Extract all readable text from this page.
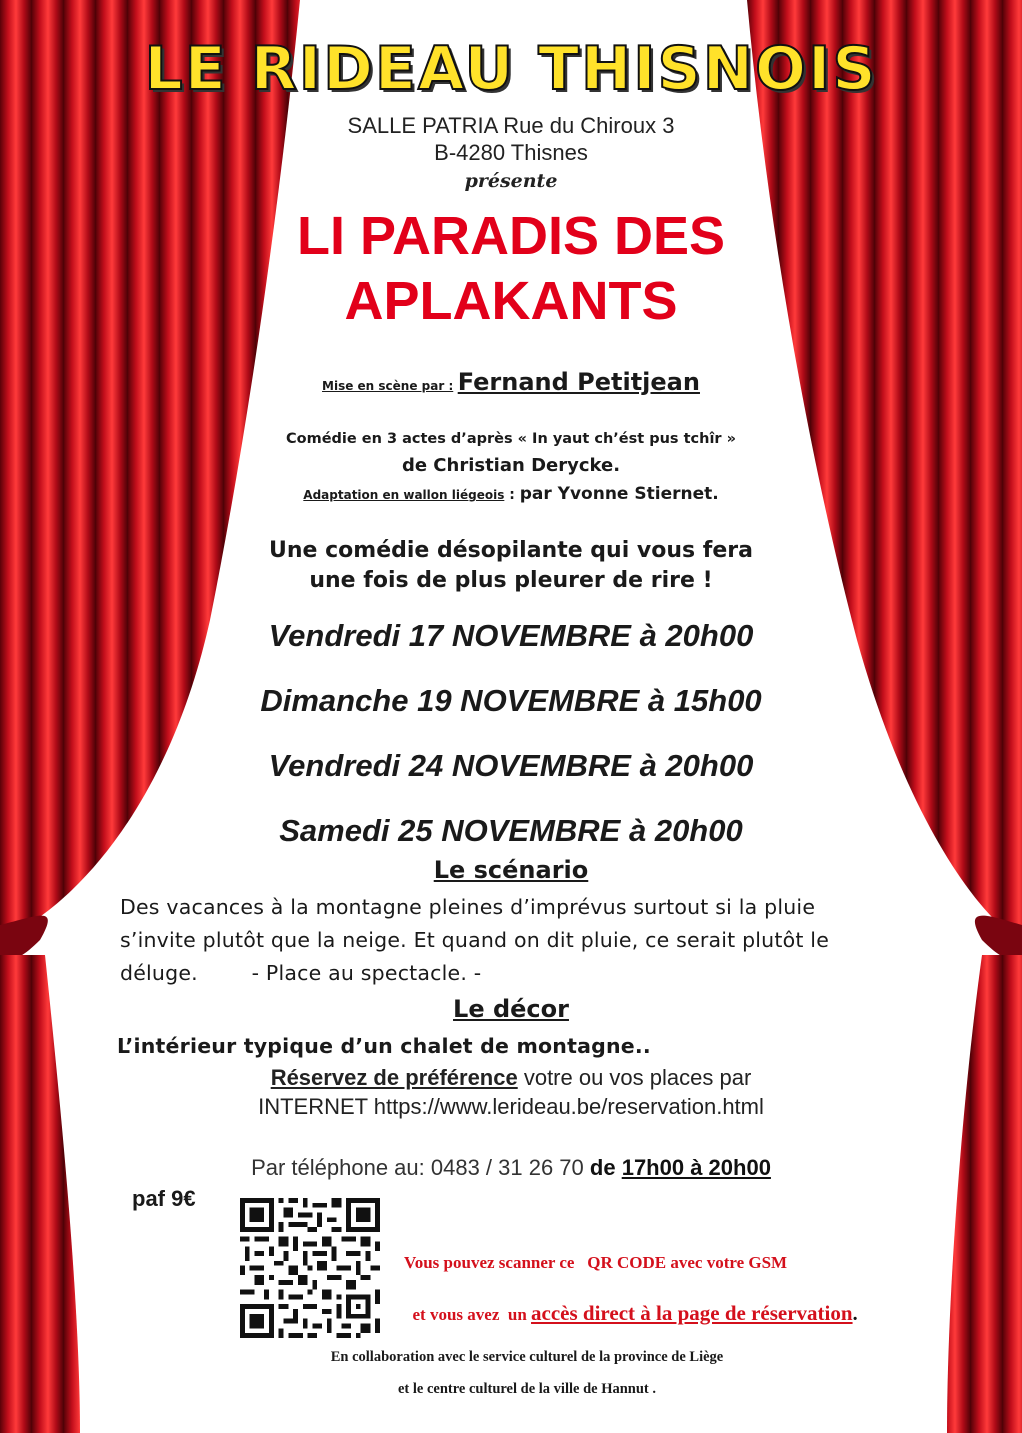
LE RIDEAU THISNOIS
SALLE PATRIA Rue du Chiroux 3
B-4280 Thisnes
présente
LI PARADIS DES
APLAKANTS
Mise en scène par : Fernand Petitjean
Comédie en 3 actes d’après « In yaut ch’ést pus tchîr »
de Christian Derycke.
Adaptation en wallon liégeois : par Yvonne Stiernet.
Une comédie désopilante qui vous fera
une fois de plus pleurer de rire !
Vendredi 17 NOVEMBRE à 20h00
Dimanche 19 NOVEMBRE à 15h00
Vendredi 24 NOVEMBRE à 20h00
Samedi 25 NOVEMBRE à 20h00
Le scénario
Des vacances à la montagne pleines d’imprévus surtout si la pluie
s’invite plutôt que la neige. Et quand on dit pluie, ce serait plutôt le
déluge.        - Place au spectacle. -
Le décor
L’intérieur typique d’un chalet de montagne..
Réservez de préférence votre ou vos places par
INTERNET https://www.lerideau.be/reservation.html
Par téléphone au: 0483 / 31 26 70 de 17h00 à 20h00
paf 9€
Vous pouvez scanner ce   QR CODE avec votre GSM

et vous avez  un accès direct à la page de réservation.

En collaboration avec le service culturel de la province de Liège
et le centre culturel de la ville de Hannut .
